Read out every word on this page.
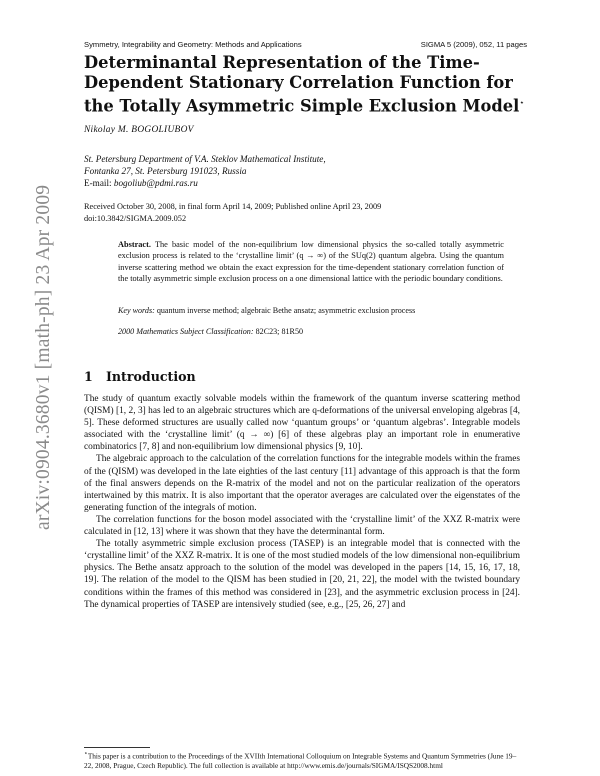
arXiv:0904.3680v1 [math-ph] 23 Apr 2009
Symmetry, Integrability and Geometry: Methods and Applications	SIGMA 5 (2009), 052, 11 pages
Determinantal Representation of the Time-Dependent Stationary Correlation Function for the Totally Asymmetric Simple Exclusion Model⋆
Nikolay M. BOGOLIUBOV
St. Petersburg Department of V.A. Steklov Mathematical Institute,
Fontanka 27, St. Petersburg 191023, Russia
E-mail: bogoliub@pdmi.ras.ru
Received October 30, 2008, in final form April 14, 2009; Published online April 23, 2009
doi:10.3842/SIGMA.2009.052
Abstract. The basic model of the non-equilibrium low dimensional physics the so-called totally asymmetric exclusion process is related to the ‘crystalline limit’ (q → ∞) of the SUq(2) quantum algebra. Using the quantum inverse scattering method we obtain the exact expression for the time-dependent stationary correlation function of the totally asymmetric simple exclusion process on a one dimensional lattice with the periodic boundary conditions.
Key words: quantum inverse method; algebraic Bethe ansatz; asymmetric exclusion process
2000 Mathematics Subject Classification: 82C23; 81R50
1 Introduction

The study of quantum exactly solvable models within the framework of the quantum inverse scattering method (QISM) [1, 2, 3] has led to an algebraic structures which are q-deformations of the universal enveloping algebras [4, 5]. These deformed structures are usually called now ‘quantum groups’ or ‘quantum algebras’. Integrable models associated with the ‘crystalline limit’ (q → ∞) [6] of these algebras play an important role in enumerative combinatorics [7, 8] and non-equilibrium low dimensional physics [9, 10].

The algebraic approach to the calculation of the correlation functions for the integrable models within the frames of the (QISM) was developed in the late eighties of the last century [11] advantage of this approach is that the form of the final answers depends on the R-matrix of the model and not on the particular realization of the operators intertwained by this matrix. It is also important that the operator averages are calculated over the eigenstates of the generating function of the integrals of motion.

The correlation functions for the boson model associated with the ‘crystalline limit’ of the XXZ R-matrix were calculated in [12, 13] where it was shown that they have the determinantal form.

The totally asymmetric simple exclusion process (TASEP) is an integrable model that is connected with the ‘crystalline limit’ of the XXZ R-matrix. It is one of the most studied models of the low dimensional non-equilibrium physics. The Bethe ansatz approach to the solution of the model was developed in the papers [14, 15, 16, 17, 18, 19]. The relation of the model to the QISM has been studied in [20, 21, 22], the model with the twisted boundary conditions within the frames of this method was considered in [23], and the asymmetric exclusion process in [24]. The dynamical properties of TASEP are intensively studied (see, e.g., [25, 26, 27] and

⋆This paper is a contribution to the Proceedings of the XVIIth International Colloquium on Integrable Systems and Quantum Symmetries (June 19–22, 2008, Prague, Czech Republic). The full collection is available at http://www.emis.de/journals/SIGMA/ISQS2008.html
